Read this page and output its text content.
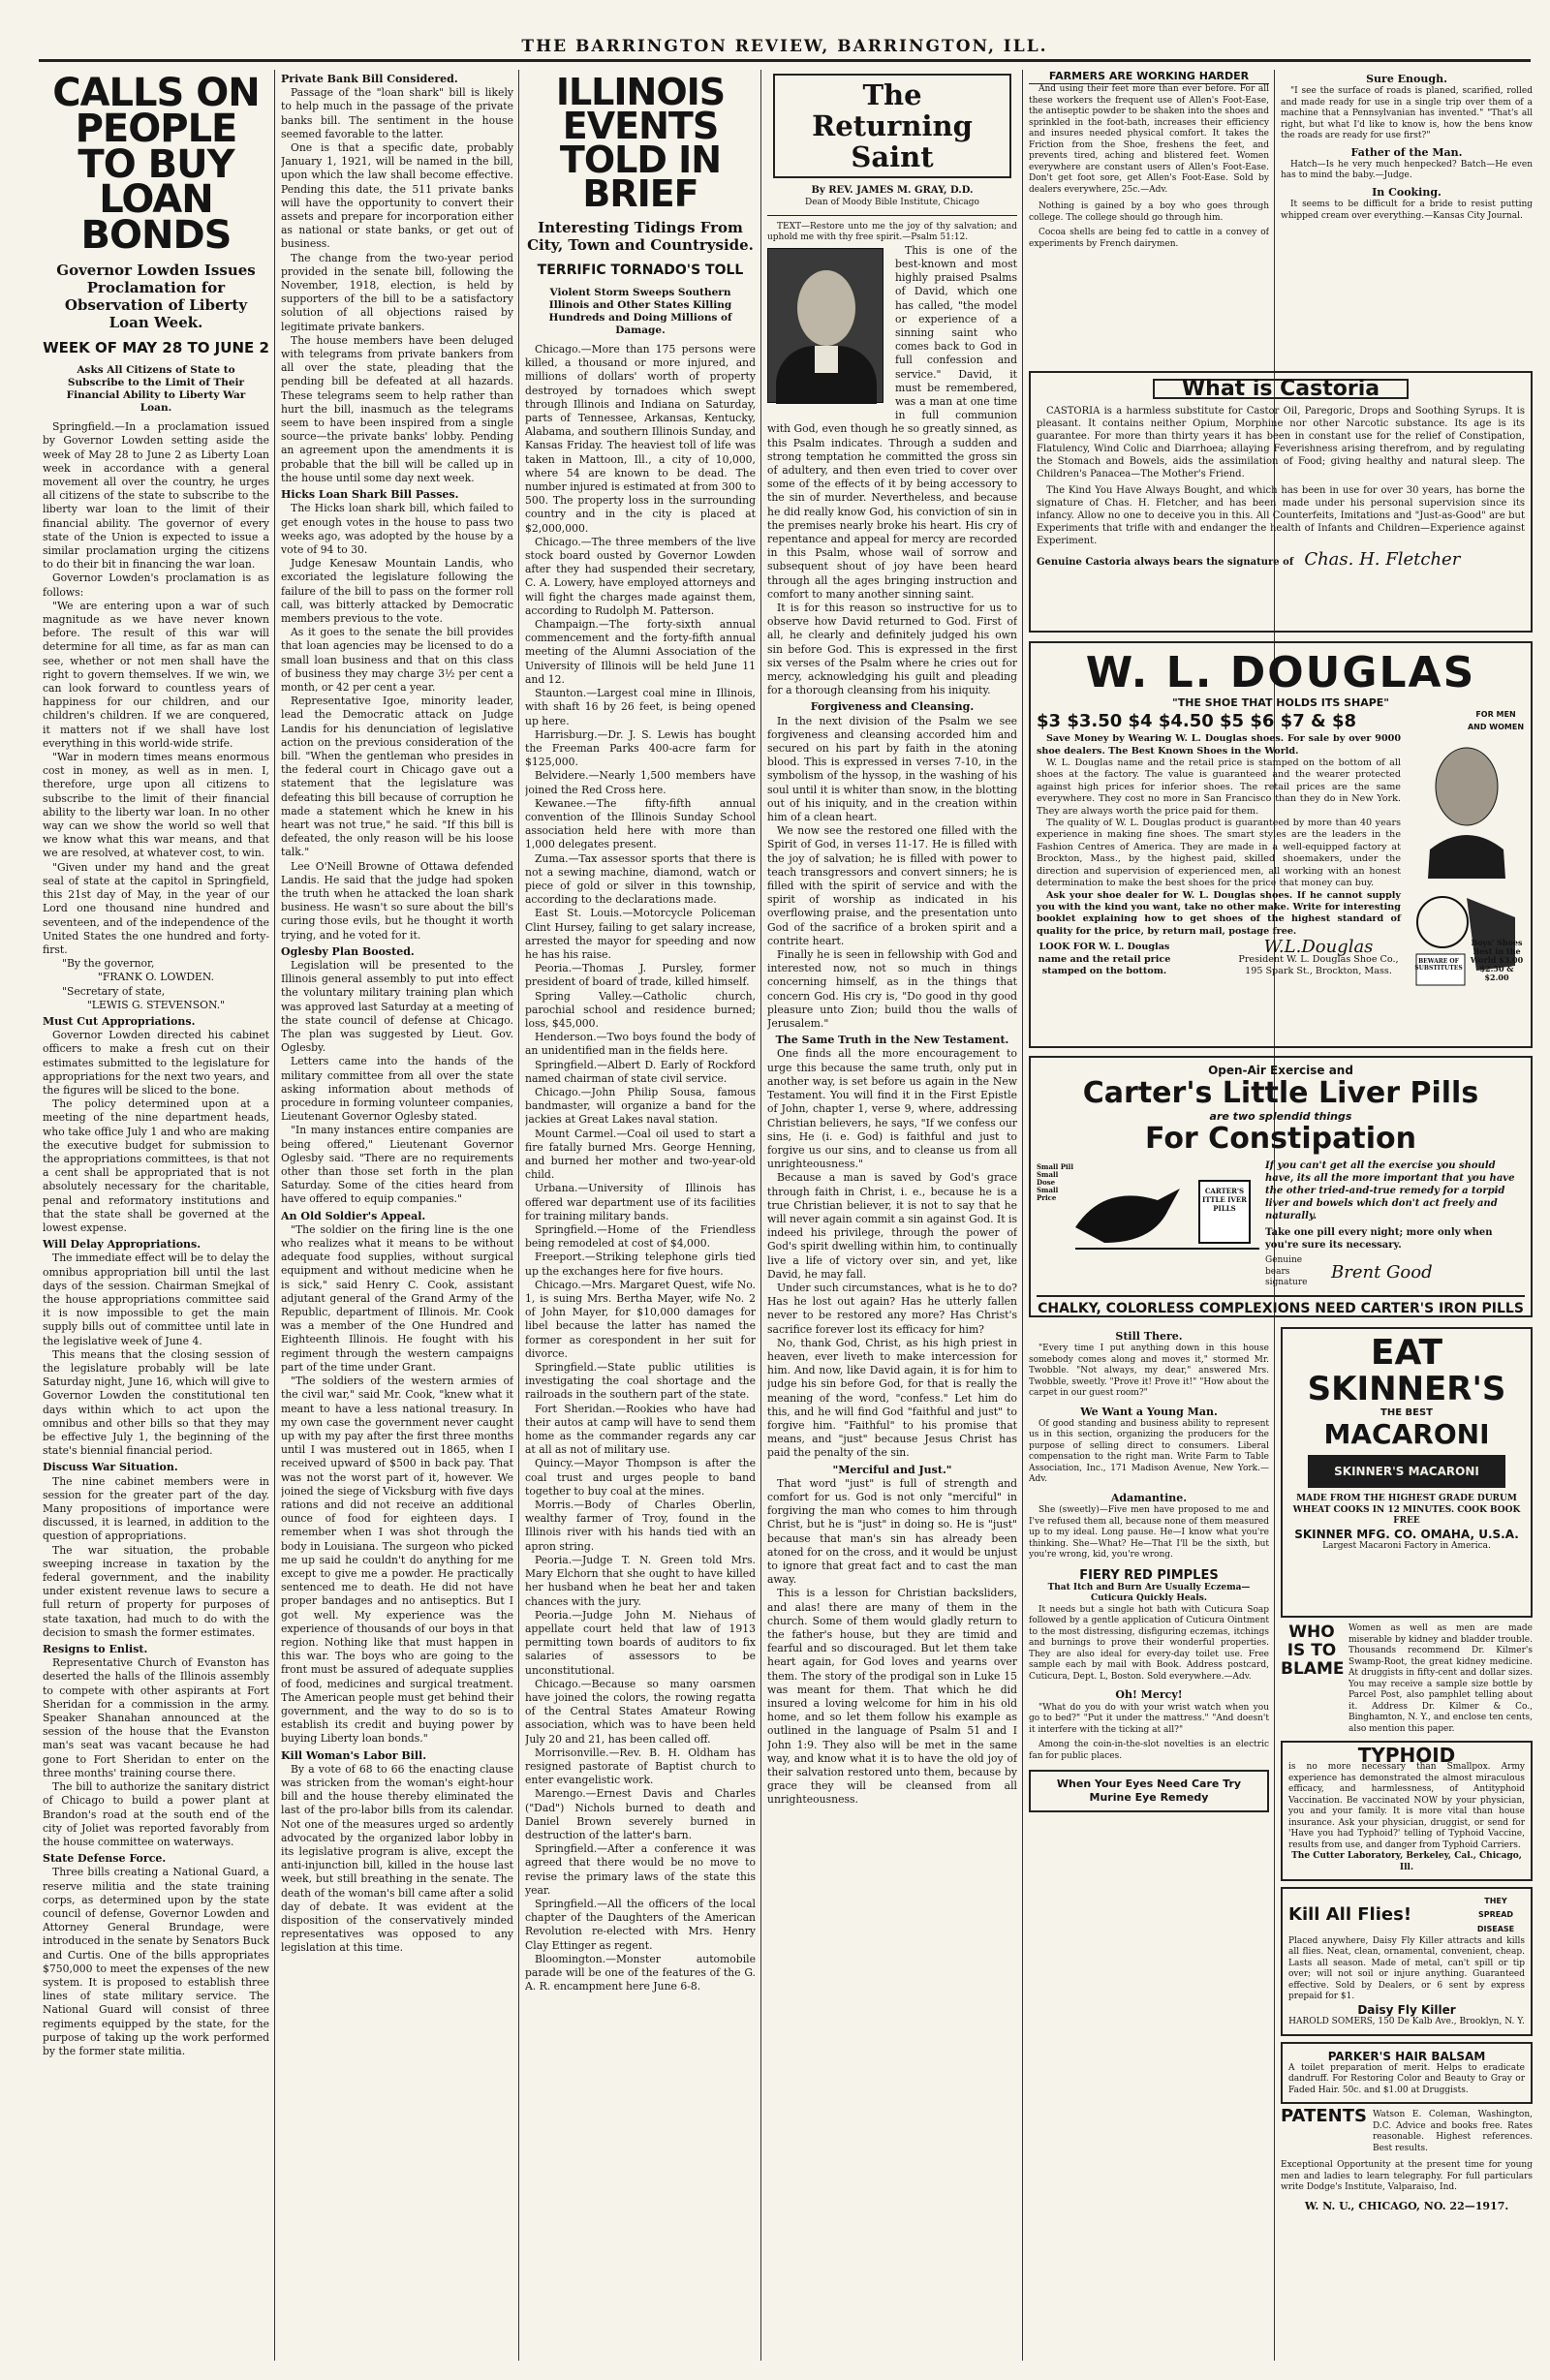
THE BARRINGTON REVIEW, BARRINGTON, ILL.
CALLS ON PEOPLE TO BUY LOAN BONDS
Governor Lowden Issues Proclamation for Observation of Liberty Loan Week.
WEEK OF MAY 28 TO JUNE 2
Asks All Citizens of State to Subscribe to the Limit of Their Financial Ability to Liberty War Loan.

Springfield.—In a proclamation issued by Governor Lowden setting aside the week of May 28 to June 2 as Liberty Loan week in accordance with a general movement all over the country, he urges all citizens of the state to subscribe to the liberty war loan to the limit of their financial ability. The governor of every state of the Union is expected to issue a similar proclamation urging the citizens to do their bit in financing the war loan.

Governor Lowden's proclamation is as follows:

"We are entering upon a war of such magnitude as we have never known before. The result of this war will determine for all time, as far as man can see, whether or not men shall have the right to govern themselves. If we win, we can look forward to countless years of happiness for our children, and our children's children. If we are conquered, it matters not if we shall have lost everything in this world-wide strife.

"War in modern times means enormous cost in money, as well as in men. I, therefore, urge upon all citizens to subscribe to the limit of their financial ability to the liberty war loan. In no other way can we show the world so well that we know what this war means, and that we are resolved, at whatever cost, to win.

"Given under my hand and the great seal of state at the capitol in Springfield, this 21st day of May, in the year of our Lord one thousand nine hundred and seventeen, and of the independence of the United States the one hundred and forty-first.

"By the governor,
"FRANK O. LOWDEN.
"Secretary of state,
"LEWIS G. STEVENSON."
Must Cut Appropriations.

Governor Lowden directed his cabinet officers to make a fresh cut on their estimates submitted to the legislature for appropriations for the next two years, and the figures will be sliced to the bone.

The policy determined upon at a meeting of the nine department heads, who take office July 1 and who are making the executive budget for submission to the appropriations committees, is that not a cent shall be appropriated that is not absolutely necessary for the charitable, penal and reformatory institutions and that the state shall be governed at the lowest expense.

Will Delay Appropriations.

The immediate effect will be to delay the omnibus appropriation bill until the last days of the session. Chairman Smejkal of the house appropriations committee said it is now impossible to get the main supply bills out of committee until late in the legislative week of June 4.

This means that the closing session of the legislature probably will be late Saturday night, June 16, which will give to Governor Lowden the constitutional ten days within which to act upon the omnibus and other bills so that they may be effective July 1, the beginning of the state's biennial financial period.

Discuss War Situation.

The nine cabinet members were in session for the greater part of the day. Many propositions of importance were discussed, it is learned, in addition to the question of appropriations.

The war situation, the probable sweeping increase in taxation by the federal government, and the inability under existent revenue laws to secure a full return of property for purposes of state taxation, had much to do with the decision to smash the former estimates.

Resigns to Enlist.

Representative Church of Evanston has deserted the halls of the Illinois assembly to compete with other aspirants at Fort Sheridan for a commission in the army. Speaker Shanahan announced at the session of the house that the Evanston man's seat was vacant because he had gone to Fort Sheridan to enter on the three months' training course there.

The bill to authorize the sanitary district of Chicago to build a power plant at Brandon's road at the south end of the city of Joliet was reported favorably from the house committee on waterways.

State Defense Force.

Three bills creating a National Guard, a reserve militia and the state training corps, as determined upon by the state council of defense, Governor Lowden and Attorney General Brundage, were introduced in the senate by Senators Buck and Curtis. One of the bills appropriates $750,000 to meet the expenses of the new system. It is proposed to establish three lines of state military service. The National Guard will consist of three regiments equipped by the state, for the purpose of taking up the work performed by the former state militia.

Private Bank Bill Considered.

Passage of the "loan shark" bill is likely to help much in the passage of the private banks bill. The sentiment in the house seemed favorable to the latter.

One is that a specific date, probably January 1, 1921, will be named in the bill, upon which the law shall become effective. Pending this date, the 511 private banks will have the opportunity to convert their assets and prepare for incorporation either as national or state banks, or get out of business.

The change from the two-year period provided in the senate bill, following the November, 1918, election, is held by supporters of the bill to be a satisfactory solution of all objections raised by legitimate private bankers.

The house members have been deluged with telegrams from private bankers from all over the state, pleading that the pending bill be defeated at all hazards. These telegrams seem to help rather than hurt the bill, inasmuch as the telegrams seem to have been inspired from a single source—the private banks' lobby. Pending an agreement upon the amendments it is probable that the bill will be called up in the house until some day next week.

Hicks Loan Shark Bill Passes.

The Hicks loan shark bill, which failed to get enough votes in the house to pass two weeks ago, was adopted by the house by a vote of 94 to 30.

Judge Kenesaw Mountain Landis, who excoriated the legislature following the failure of the bill to pass on the former roll call, was bitterly attacked by Democratic members previous to the vote.

As it goes to the senate the bill provides that loan agencies may be licensed to do a small loan business and that on this class of business they may charge 3½ per cent a month, or 42 per cent a year.

Representative Igoe, minority leader, lead the Democratic attack on Judge Landis for his denunciation of legislative action on the previous consideration of the bill. "When the gentleman who presides in the federal court in Chicago gave out a statement that the legislature was defeating this bill because of corruption he made a statement which he knew in his heart was not true," he said. "If this bill is defeated, the only reason will be his loose talk."

Lee O'Neill Browne of Ottawa defended Landis. He said that the judge had spoken the truth when he attacked the loan shark business. He wasn't so sure about the bill's curing those evils, but he thought it worth trying, and he voted for it.

Oglesby Plan Boosted.

Legislation will be presented to the Illinois general assembly to put into effect the voluntary military training plan which was approved last Saturday at a meeting of the state council of defense at Chicago. The plan was suggested by Lieut. Gov. Oglesby.

Letters came into the hands of the military committee from all over the state asking information about methods of procedure in forming volunteer companies, Lieutenant Governor Oglesby stated.

"In many instances entire companies are being offered," Lieutenant Governor Oglesby said. "There are no requirements other than those set forth in the plan Saturday. Some of the cities heard from have offered to equip companies."

An Old Soldier's Appeal.

"The soldier on the firing line is the one who realizes what it means to be without adequate food supplies, without surgical equipment and without medicine when he is sick," said Henry C. Cook, assistant adjutant general of the Grand Army of the Republic, department of Illinois. Mr. Cook was a member of the One Hundred and Eighteenth Illinois. He fought with his regiment through the western campaigns part of the time under Grant.

"The soldiers of the western armies of the civil war," said Mr. Cook, "knew what it meant to have a less national treasury. In my own case the government never caught up with my pay after the first three months until I was mustered out in 1865, when I received upward of $500 in back pay. That was not the worst part of it, however. We joined the siege of Vicksburg with five days rations and did not receive an additional ounce of food for eighteen days. I remember when I was shot through the body in Louisiana. The surgeon who picked me up said he couldn't do anything for me except to give me a powder. He practically sentenced me to death. He did not have proper bandages and no antiseptics. But I got well. My experience was the experience of thousands of our boys in that region. Nothing like that must happen in this war. The boys who are going to the front must be assured of adequate supplies of food, medicines and surgical treatment. The American people must get behind their government, and the way to do so is to establish its credit and buying power by buying Liberty loan bonds."

Kill Woman's Labor Bill.

By a vote of 68 to 66 the enacting clause was stricken from the woman's eight-hour bill and the house thereby eliminated the last of the pro-labor bills from its calendar. Not one of the measures urged so ardently advocated by the organized labor lobby in its legislative program is alive, except the anti-injunction bill, killed in the house last week, but still breathing in the senate. The death of the woman's bill came after a solid day of debate. It was evident at the disposition of the conservatively minded representatives was opposed to any legislation at this time.

ILLINOIS EVENTS TOLD IN BRIEF
Interesting Tidings From City, Town and Countryside.
TERRIFIC TORNADO'S TOLL
Violent Storm Sweeps Southern Illinois and Other States Killing Hundreds and Doing Millions of Damage.

Chicago.—More than 175 persons were killed, a thousand or more injured, and millions of dollars' worth of property destroyed by tornadoes which swept through Illinois and Indiana on Saturday, parts of Tennessee, Arkansas, Kentucky, Alabama, and southern Illinois Sunday, and Kansas Friday. The heaviest toll of life was taken in Mattoon, Ill., a city of 10,000, where 54 are known to be dead. The number injured is estimated at from 300 to 500. The property loss in the surrounding country and in the city is placed at $2,000,000.

Chicago.—The three members of the live stock board ousted by Governor Lowden after they had suspended their secretary, C. A. Lowery, have employed attorneys and will fight the charges made against them, according to Rudolph M. Patterson.

Champaign.—The forty-sixth annual commencement and the forty-fifth annual meeting of the Alumni Association of the University of Illinois will be held June 11 and 12.

Staunton.—Largest coal mine in Illinois, with shaft 16 by 26 feet, is being opened up here.

Harrisburg.—Dr. J. S. Lewis has bought the Freeman Parks 400-acre farm for $125,000.

Belvidere.—Nearly 1,500 members have joined the Red Cross here.

Kewanee.—The fifty-fifth annual convention of the Illinois Sunday School association held here with more than 1,000 delegates present.

Zuma.—Tax assessor sports that there is not a sewing machine, diamond, watch or piece of gold or silver in this township, according to the declarations made.

East St. Louis.—Motorcycle Policeman Clint Hursey, failing to get salary increase, arrested the mayor for speeding and now he has his raise.

Peoria.—Thomas J. Pursley, former president of board of trade, killed himself.

Spring Valley.—Catholic church, parochial school and residence burned; loss, $45,000.

Henderson.—Two boys found the body of an unidentified man in the fields here.

Springfield.—Albert D. Early of Rockford named chairman of state civil service.

Chicago.—John Philip Sousa, famous bandmaster, will organize a band for the jackies at Great Lakes naval station.

Mount Carmel.—Coal oil used to start a fire fatally burned Mrs. George Henning, and burned her mother and two-year-old child.

Urbana.—University of Illinois has offered war department use of its facilities for training military bands.

Springfield.—Home of the Friendless being remodeled at cost of $4,000.

Freeport.—Striking telephone girls tied up the exchanges here for five hours.

Chicago.—Mrs. Margaret Quest, wife No. 1, is suing Mrs. Bertha Mayer, wife No. 2 of John Mayer, for $10,000 damages for libel because the latter has named the former as corespondent in her suit for divorce.

Springfield.—State public utilities is investigating the coal shortage and the railroads in the southern part of the state.

Fort Sheridan.—Rookies who have had their autos at camp will have to send them home as the commander regards any car at all as not of military use.

Quincy.—Mayor Thompson is after the coal trust and urges people to band together to buy coal at the mines.

Morris.—Body of Charles Oberlin, wealthy farmer of Troy, found in the Illinois river with his hands tied with an apron string.

Peoria.—Judge T. N. Green told Mrs. Mary Elchorn that she ought to have killed her husband when he beat her and taken chances with the jury.

Peoria.—Judge John M. Niehaus of appellate court held that law of 1913 permitting town boards of auditors to fix salaries of assessors to be unconstitutional.

Chicago.—Because so many oarsmen have joined the colors, the rowing regatta of the Central States Amateur Rowing association, which was to have been held July 20 and 21, has been called off.

Morrisonville.—Rev. B. H. Oldham has resigned pastorate of Baptist church to enter evangelistic work.

Marengo.—Ernest Davis and Charles ("Dad") Nichols burned to death and Daniel Brown severely burned in destruction of the latter's barn.

Springfield.—After a conference it was agreed that there would be no move to revise the primary laws of the state this year.

Springfield.—All the officers of the local chapter of the Daughters of the American Revolution re-elected with Mrs. Henry Clay Ettinger as regent.

Bloomington.—Monster automobile parade will be one of the features of the G. A. R. encampment here June 6-8.

The Returning Saint
By REV. JAMES M. GRAY, D.D.
Dean of Moody Bible Institute, Chicago

TEXT—Restore unto me the joy of thy salvation; and uphold me with thy free spirit.—Psalm 51:12.

This is one of the best-known and most highly praised Psalms of David, which one has called, "the model or experience of a sinning saint who comes back to God in full confession and service." David, it must be remembered, was a man at one time in full communion with God, even though he so greatly sinned, as this Psalm indicates. Through a sudden and strong temptation he committed the gross sin of adultery, and then even tried to cover over some of the effects of it by being accessory to the sin of murder. Nevertheless, and because he did really know God, his conviction of sin in the premises nearly broke his heart. His cry of repentance and appeal for mercy are recorded in this Psalm, whose wail of sorrow and subsequent shout of joy have been heard through all the ages bringing instruction and comfort to many another sinning saint.

It is for this reason so instructive for us to observe how David returned to God. First of all, he clearly and definitely judged his own sin before God. This is expressed in the first six verses of the Psalm where he cries out for mercy, acknowledging his guilt and pleading for a thorough cleansing from his iniquity.

Forgiveness and Cleansing.

In the next division of the Psalm we see forgiveness and cleansing accorded him and secured on his part by faith in the atoning blood. This is expressed in verses 7-10, in the symbolism of the hyssop, in the washing of his soul until it is whiter than snow, in the blotting out of his iniquity, and in the creation within him of a clean heart.

We now see the restored one filled with the Spirit of God, in verses 11-17. He is filled with the joy of salvation; he is filled with power to teach transgressors and convert sinners; he is filled with the spirit of service and with the spirit of worship as indicated in his overflowing praise, and the presentation unto God of the sacrifice of a broken spirit and a contrite heart.

Finally he is seen in fellowship with God and interested now, not so much in things concerning himself, as in the things that concern God. His cry is, "Do good in thy good pleasure unto Zion; build thou the walls of Jerusalem."

The Same Truth in the New Testament.

One finds all the more encouragement to urge this because the same truth, only put in another way, is set before us again in the New Testament. You will find it in the First Epistle of John, chapter 1, verse 9, where, addressing Christian believers, he says, "If we confess our sins, He (i. e. God) is faithful and just to forgive us our sins, and to cleanse us from all unrighteousness."

Because a man is saved by God's grace through faith in Christ, i. e., because he is a true Christian believer, it is not to say that he will never again commit a sin against God. It is indeed his privilege, through the power of God's spirit dwelling within him, to continually live a life of victory over sin, and yet, like David, he may fall.

Under such circumstances, what is he to do? Has he lost out again? Has he utterly fallen never to be restored any more? Has Christ's sacrifice forever lost its efficacy for him?

No, thank God, Christ, as his high priest in heaven, ever liveth to make intercession for him. And now, like David again, it is for him to judge his sin before God, for that is really the meaning of the word, "confess." Let him do this, and he will find God "faithful and just" to forgive him. "Faithful" to his promise that means, and "just" because Jesus Christ has paid the penalty of the sin.

"Merciful and Just."

That word "just" is full of strength and comfort for us. God is not only "merciful" in forgiving the man who comes to him through Christ, but he is "just" in doing so. He is "just" because that man's sin has already been atoned for on the cross, and it would be unjust to ignore that great fact and to cast the man away.

This is a lesson for Christian backsliders, and alas! there are many of them in the church. Some of them would gladly return to the father's house, but they are timid and fearful and so discouraged. But let them take heart again, for God loves and yearns over them. The story of the prodigal son in Luke 15 was meant for them. That which he did insured a loving welcome for him in his old home, and so let them follow his example as outlined in the language of Psalm 51 and I John 1:9. They also will be met in the same way, and know what it is to have the old joy of their salvation restored unto them, because by grace they will be cleansed from all unrighteousness.

FARMERS ARE WORKING HARDER

And using their feet more than ever before. For all these workers the frequent use of Allen's Foot-Ease, the antiseptic powder to be shaken into the shoes and sprinkled in the foot-bath, increases their efficiency and insures needed physical comfort. It takes the Friction from the Shoe, freshens the feet, and prevents tired, aching and blistered feet. Women everywhere are constant users of Allen's Foot-Ease. Don't get foot sore, get Allen's Foot-Ease. Sold by dealers everywhere, 25c.—Adv.

Nothing is gained by a boy who goes through college. The college should go through him.

Cocoa shells are being fed to cattle in a convey of experiments by French dairymen.

What is Castoria

CASTORIA is a harmless substitute for Castor Oil, Paregoric, Drops and Soothing Syrups. It is pleasant. It contains neither Opium, Morphine nor other Narcotic substance. Its age is its guarantee. For more than thirty years it has been in constant use for the relief of Constipation, Flatulency, Wind Colic and Diarrhoea; allaying Feverishness arising therefrom, and by regulating the Stomach and Bowels, aids the assimilation of Food; giving healthy and natural sleep. The Children's Panacea—The Mother's Friend.

The Kind You Have Always Bought, and which has been in use for over 30 years, has borne the signature of Chas. H. Fletcher, and has been made under his personal supervision since its infancy. Allow no one to deceive you in this. All Counterfeits, Imitations and "Just-as-Good" are but Experiments that trifle with and endanger the health of Infants and Children—Experience against Experiment.

Genuine Castoria always bears the signature of Chas. H. Fletcher
W. L. DOUGLAS
"THE SHOE THAT HOLDS ITS SHAPE"
$3 $3.50 $4 $4.50 $5 $6 $7 & $8	FOR MEN AND WOMEN

Save Money by Wearing W. L. Douglas shoes. For sale by over 9000 shoe dealers. The Best Known Shoes in the World.

W. L. Douglas name and the retail price is stamped on the bottom of all shoes at the factory. The value is guaranteed and the wearer protected against high prices for inferior shoes. The retail prices are the same everywhere. They cost no more in San Francisco than they do in New York. They are always worth the price paid for them.

The quality of W. L. Douglas product is guaranteed by more than 40 years experience in making fine shoes. The smart styles are the leaders in the Fashion Centres of America. They are made in a well-equipped factory at Brockton, Mass., by the highest paid, skilled shoemakers, under the direction and supervision of experienced men, all working with an honest determination to make the best shoes for the price that money can buy.

Ask your shoe dealer for W. L. Douglas shoes. If he cannot supply you with the kind you want, take no other make. Write for interesting booklet explaining how to get shoes of the highest standard of quality for the price, by return mail, postage free.

LOOK FOR W. L. Douglas name and the retail price stamped on the bottom.
W.L.Douglas
President W. L. Douglas Shoe Co., 195 Spark St., Brockton, Mass.
BEWARE OF SUBSTITUTES
Boys' Shoes Best in the World $3.00 $2.50 & $2.00
Open-Air Exercise and
Carter's Little Liver Pills
are two splendid things
For Constipation
Small Pill Small Dose Small Price
CARTER'S ITTLE IVER PILLS

If you can't get all the exercise you should have, its all the more important that you have the other tried-and-true remedy for a torpid liver and bowels which don't act freely and naturally.

Take one pill every night; more only when you're sure its necessary.

Genuine bears signature
Brent Good
CHALKY, COLORLESS COMPLEXIONS NEED CARTER'S IRON PILLS
Still There.

"Every time I put anything down in this house somebody comes along and moves it," stormed Mr. Twobble. "Not always, my dear," answered Mrs. Twobble, sweetly. "Prove it! Prove it!" "How about the carpet in our guest room?"

We Want a Young Man.

Of good standing and business ability to represent us in this section, organizing the producers for the purpose of selling direct to consumers. Liberal compensation to the right man. Write Farm to Table Association, Inc., 171 Madison Avenue, New York.—Adv.

Adamantine.

She (sweetly)—Five men have proposed to me and I've refused them all, because none of them measured up to my ideal. Long pause. He—I know what you're thinking. She—What? He—That I'll be the sixth, but you're wrong, kid, you're wrong.

FIERY RED PIMPLES
That Itch and Burn Are Usually Eczema—Cuticura Quickly Heals.

It needs but a single hot bath with Cuticura Soap followed by a gentle application of Cuticura Ointment to the most distressing, disfiguring eczemas, itchings and burnings to prove their wonderful properties. They are also ideal for every-day toilet use. Free sample each by mail with Book. Address postcard, Cuticura, Dept. L, Boston. Sold everywhere.—Adv.

Oh! Mercy!

"What do you do with your wrist watch when you go to bed?" "Put it under the mattress." "And doesn't it interfere with the ticking at all?"

Among the coin-in-the-slot novelties is an electric fan for public places.

When Your Eyes Need Care Try Murine Eye Remedy
Sure Enough.

"I see the surface of roads is planed, scarified, rolled and made ready for use in a single trip over them of a machine that a Pennsylvanian has invented." "That's all right, but what I'd like to know is, how the bens know the roads are ready for use first?"

Father of the Man.

Hatch—Is he very much henpecked? Batch—He even has to mind the baby.—Judge.

In Cooking.

It seems to be difficult for a bride to resist putting whipped cream over everything.—Kansas City Journal.

EAT
SKINNER'S
THE BEST
MACARONI
SKINNER'S MACARONI
MADE FROM THE HIGHEST GRADE DURUM WHEAT COOKS IN 12 MINUTES. COOK BOOK FREE
SKINNER MFG. CO. OMAHA, U.S.A.
Largest Macaroni Factory in America.
WHO IS TO BLAME

Women as well as men are made miserable by kidney and bladder trouble. Thousands recommend Dr. Kilmer's Swamp-Root, the great kidney medicine. At druggists in fifty-cent and dollar sizes. You may receive a sample size bottle by Parcel Post, also pamphlet telling about it. Address Dr. Kilmer & Co., Binghamton, N. Y., and enclose ten cents, also mention this paper.

TYPHOID

is no more necessary than Smallpox. Army experience has demonstrated the almost miraculous efficacy, and harmlessness, of Antityphoid Vaccination. Be vaccinated NOW by your physician, you and your family. It is more vital than house insurance. Ask your physician, druggist, or send for 'Have you had Typhoid?' telling of Typhoid Vaccine, results from use, and danger from Typhoid Carriers.

The Cutter Laboratory, Berkeley, Cal., Chicago, Ill.
Kill All Flies!
THEY SPREAD DISEASE

Placed anywhere, Daisy Fly Killer attracts and kills all flies. Neat, clean, ornamental, convenient, cheap. Lasts all season. Made of metal, can't spill or tip over; will not soil or injure anything. Guaranteed effective. Sold by Dealers, or 6 sent by express prepaid for $1.

Daisy Fly Killer
HAROLD SOMERS, 150 De Kalb Ave., Brooklyn, N. Y.
PARKER'S HAIR BALSAM

A toilet preparation of merit. Helps to eradicate dandruff. For Restoring Color and Beauty to Gray or Faded Hair. 50c. and $1.00 at Druggists.

PATENTS Watson E. Coleman, Washington, D.C. Advice and books free. Rates reasonable. Highest references. Best results.

Exceptional Opportunity at the present time for young men and ladies to learn telegraphy. For full particulars write Dodge's Institute, Valparaiso, Ind.

W. N. U., CHICAGO, NO. 22—1917.
